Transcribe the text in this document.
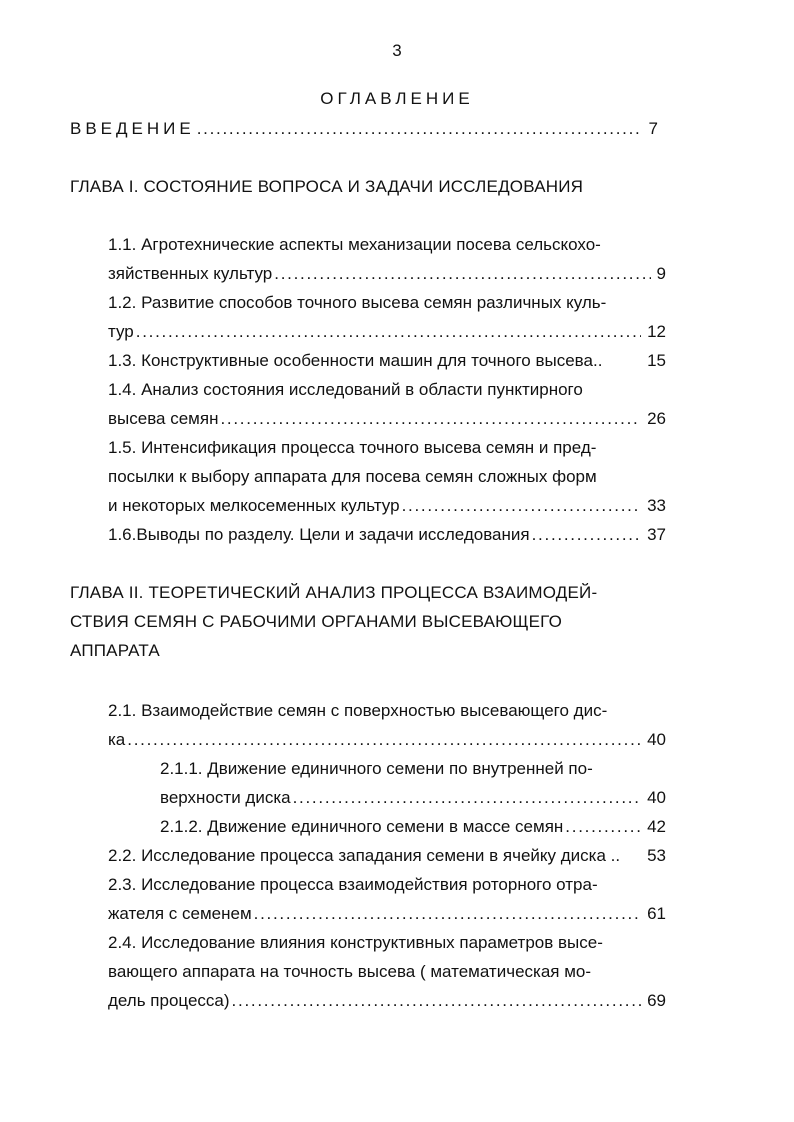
3
ОГЛАВЛЕНИЕ
ВВЕДЕНИЕ . . .	7
ГЛАВА I. СОСТОЯНИЕ ВОПРОСА И ЗАДАЧИ ИССЛЕДОВАНИЯ
1.1. Агротехнические аспекты механизации посева сельскохо-
зяйственных культур . . .	9
1.2. Развитие способов точного высева семян различных куль-
тур . . .	12
1.3. Конструктивные особенности машин для точного высева..	15
1.4. Анализ состояния исследований в области пунктирного
высева семян . . .	26
1.5. Интенсификация процесса точного высева семян и пред-
посылки к выбору аппарата для посева семян сложных форм
и некоторых мелкосеменных культур . . .	33
1.6.Выводы по разделу. Цели и задачи исследования . . .	37
ГЛАВА II. ТЕОРЕТИЧЕСКИЙ АНАЛИЗ ПРОЦЕССА ВЗАИМОДЕЙ-
СТВИЯ СЕМЯН С РАБОЧИМИ ОРГАНАМИ ВЫСЕВАЮЩЕГО
АППАРАТА
2.1. Взаимодействие семян с поверхностью высевающего дис-
ка . . .	40
2.1.1. Движение единичного семени по внутренней по-
верхности диска . . .	40
2.1.2. Движение единичного семени в массе семян . . .	42
2.2. Исследование процесса западания семени в ячейку диска .. 53
2.3. Исследование процесса взаимодействия роторного отра-
жателя с семенем . . .	61
2.4. Исследование влияния конструктивных параметров высе-
вающего аппарата на точность высева ( математическая мо-
дель процесса) . . .	69
